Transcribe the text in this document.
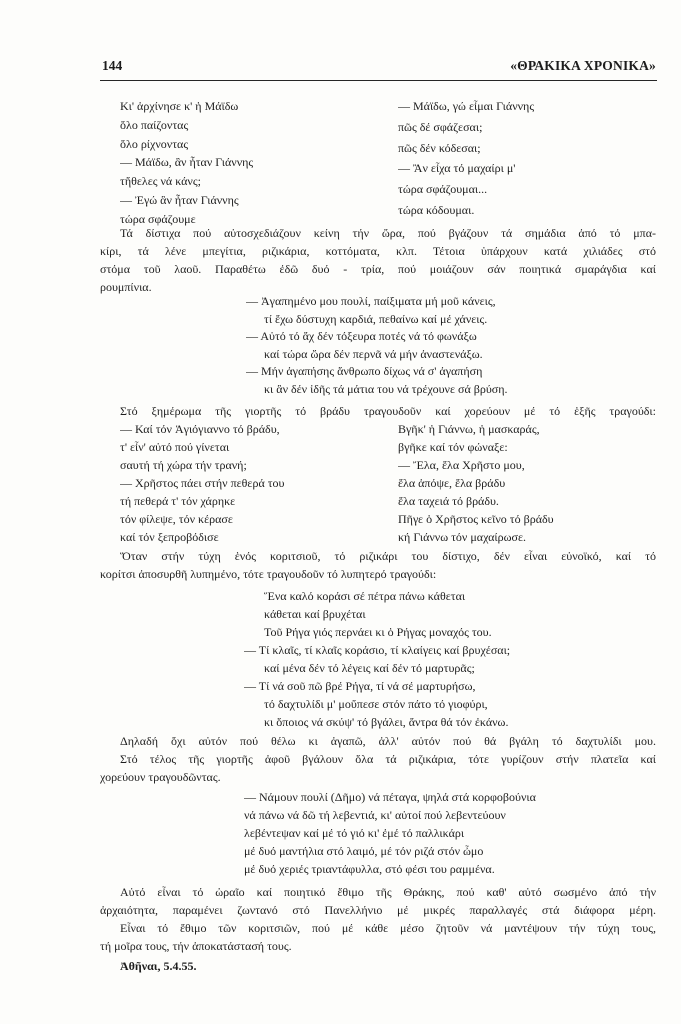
144	«ΘΡΑΚΙΚΑ ΧΡΟΝΙΚΑ»
Κι' ἀρχίνησε κ' ἡ Μάϊδω
ὅλο παίζοντας
ὅλο ρίχνοντας
— Μάϊδω, ἂν ἦταν Γιάννης
τἤθελες νά κάνς;
— Ἐγώ ἂν ἦταν Γιάννης
τώρα σφάζουμε
— Μάϊδω, γώ εἶμαι Γιάννης
πῶς δέ σφάζεσαι;
πῶς δέν κόδεσαι;
— Ἂν εἶχα τό μαχαίρι μ'
τώρα σφάζουμαι...
τώρα κόδουμαι.
Τά δίστιχα πού αὐτοσχεδιάζουν κείνη τήν ὥρα, πού βγάζουν τά σημάδια ἀπό τό μπα-
κίρι, τά λένε μπεγίτια, ριζικάρια, κοττόματα, κλπ. Τέτοια ὑπάρχουν κατά χιλιάδες στό
στόμα τοῦ λαοῦ. Παραθέτω ἐδῶ δυό - τρία, πού μοιάζουν σάν ποιητικά σμαράγδια καί
ρουμπίνια.
— Ἀγαπημένο μου πουλί, παίξιματα μή μοῦ κάνεις,
τί ἔχω δύστυχη καρδιά, πεθαίνω καί μέ χάνεις.
— Αὐτό τό ἄχ δέν τόξευρα ποτές νά τό φωνάξω
καί τώρα ὥρα δέν περνᾶ νά μήν ἀναστενάξω.
— Μήν ἀγαπήσης ἄνθρωπο δίχως νά σ' ἀγαπήση
κι ἂν δέν ἰδῆς τά μάτια του νά τρέχουνε σά βρύση.
Στό ξημέρωμα τῆς γιορτῆς τό βράδυ τραγουδοῦν καί χορεύουν μέ τό ἑξῆς τραγούδι:
— Καί τόν Ἁγιόγιαννο τό βράδυ,
τ' εἶν' αὐτό πού γίνεται
σαυτή τή χώρα τήν τρανή;
— Χρῆστος πάει στήν πεθερά του
τή πεθερά τ' τόν χάρηκε
τόν φίλεψε, τόν κέρασε
καί τόν ξεπροβόδισε
Βγῆκ' ἡ Γιάννω, ἡ μασκαράς,
βγῆκε καί τόν φώναξε:
— Ἔλα, ἔλα Χρῆστο μου,
ἔλα ἀπόψε, ἔλα βράδυ
ἔλα ταχειά τό βράδυ.
Πῆγε ὁ Χρῆστος κεῖνο τό βράδυ
κή Γιάννω τόν μαχαίρωσε.
Ὅταν στήν τύχη ἑνός κοριτσιοῦ, τό ριζικάρι του δίστιχο, δέν εἶναι εὐνοϊκό, καί τό
κορίτσι ἀποσυρθῆ λυπημένο, τότε τραγουδοῦν τό λυπητερό τραγούδι:
Ἕνα καλό κοράσι σέ πέτρα πάνω κάθεται
κάθεται καί βρυχέται
Τοῦ Ρήγα γιός περνάει κι ὁ Ρήγας μοναχός του.
— Τί κλαῖς, τί κλαῖς κοράσιο, τί κλαίγεις καί βρυχέσαι;
καί μένα δέν τό λέγεις καί δέν τό μαρτυρᾶς;
— Τί νά σοῦ πῶ βρέ Ρήγα, τί νά σέ μαρτυρήσω,
τό δαχτυλίδι μ' μοὔπεσε στόν πάτο τό γιοφύρι,
κι ὅποιος νά σκύψ' τό βγάλει, ἄντρα θά τόν ἐκάνω.
Δηλαδή ὄχι αὐτόν πού θέλω κι ἀγαπῶ, ἀλλ' αὐτόν πού θά βγάλη τό δαχτυλίδι μου.
Στό τέλος τῆς γιορτῆς ἀφοῦ βγάλουν ὅλα τά ριζικάρια, τότε γυρίζουν στήν πλατεῖα καί
χορεύουν τραγουδῶντας.
— Νάμουν πουλί (Δῆμο) νά πέταγα, ψηλά στά κορφοβούνια
νά πάνω νά δῶ τή λεβεντιά, κι' αὐτοί πού λεβεντεύουν
λεβέντεψαν καί μέ τό γιό κι' ἐμέ τό παλλικάρι
μέ δυό μαντήλια στό λαιμό, μέ τόν ριζά στόν ὦμο
μέ δυό χεριές τριαντάφυλλα, στό φέσι του ραμμένα.
Αὐτό εἶναι τό ὡραῖο καί ποιητικό ἔθιμο τῆς Θράκης, πού καθ' αὐτό σωσμένο ἀπό τήν
ἀρχαιότητα, παραμένει ζωντανό στό Πανελλήνιο μέ μικρές παραλλαγές στά διάφορα μέρη.
Εἶναι τό ἔθιμο τῶν κοριτσιῶν, πού μέ κάθε μέσο ζητοῦν νά μαντέψουν τήν τύχη τους,
τή μοῖρα τους, τήν ἀποκατάστασή τους.
Ἀθῆναι, 5.4.55.
